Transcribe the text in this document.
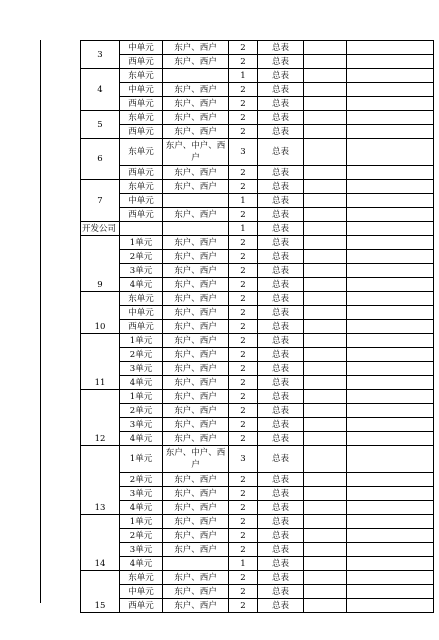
3	中单元	东户、西户	2	总表		
	西单元	东户、西户	2	总表		
4	东单元		1	总表		
	中单元	东户、西户	2	总表		
	西单元	东户、西户	2	总表		
5	东单元	东户、西户	2	总表		
	西单元	东户、西户	2	总表		
6	东单元	东户、中户、西户	3	总表		
	西单元	东户、西户	2	总表		
7	东单元	东户、西户	2	总表		
	中单元		1	总表		
	西单元	东户、西户	2	总表		
开发公司			1	总表		
9	1单元	东户、西户	2	总表		
	2单元	东户、西户	2	总表		
	3单元	东户、西户	2	总表		
	4单元	东户、西户	2	总表		
10	东单元	东户、西户	2	总表		
	中单元	东户、西户	2	总表		
	西单元	东户、西户	2	总表		
11	1单元	东户、西户	2	总表		
	2单元	东户、西户	2	总表		
	3单元	东户、西户	2	总表		
	4单元	东户、西户	2	总表		
12	1单元	东户、西户	2	总表		
	2单元	东户、西户	2	总表		
	3单元	东户、西户	2	总表		
	4单元	东户、西户	2	总表		
13	1单元	东户、中户、西户	3	总表		
	2单元	东户、西户	2	总表		
	3单元	东户、西户	2	总表		
	4单元	东户、西户	2	总表		
14	1单元	东户、西户	2	总表		
	2单元	东户、西户	2	总表		
	3单元	东户、西户	2	总表		
	4单元		1	总表		
15	东单元	东户、西户	2	总表		
	中单元	东户、西户	2	总表		
	西单元	东户、西户	2	总表		
